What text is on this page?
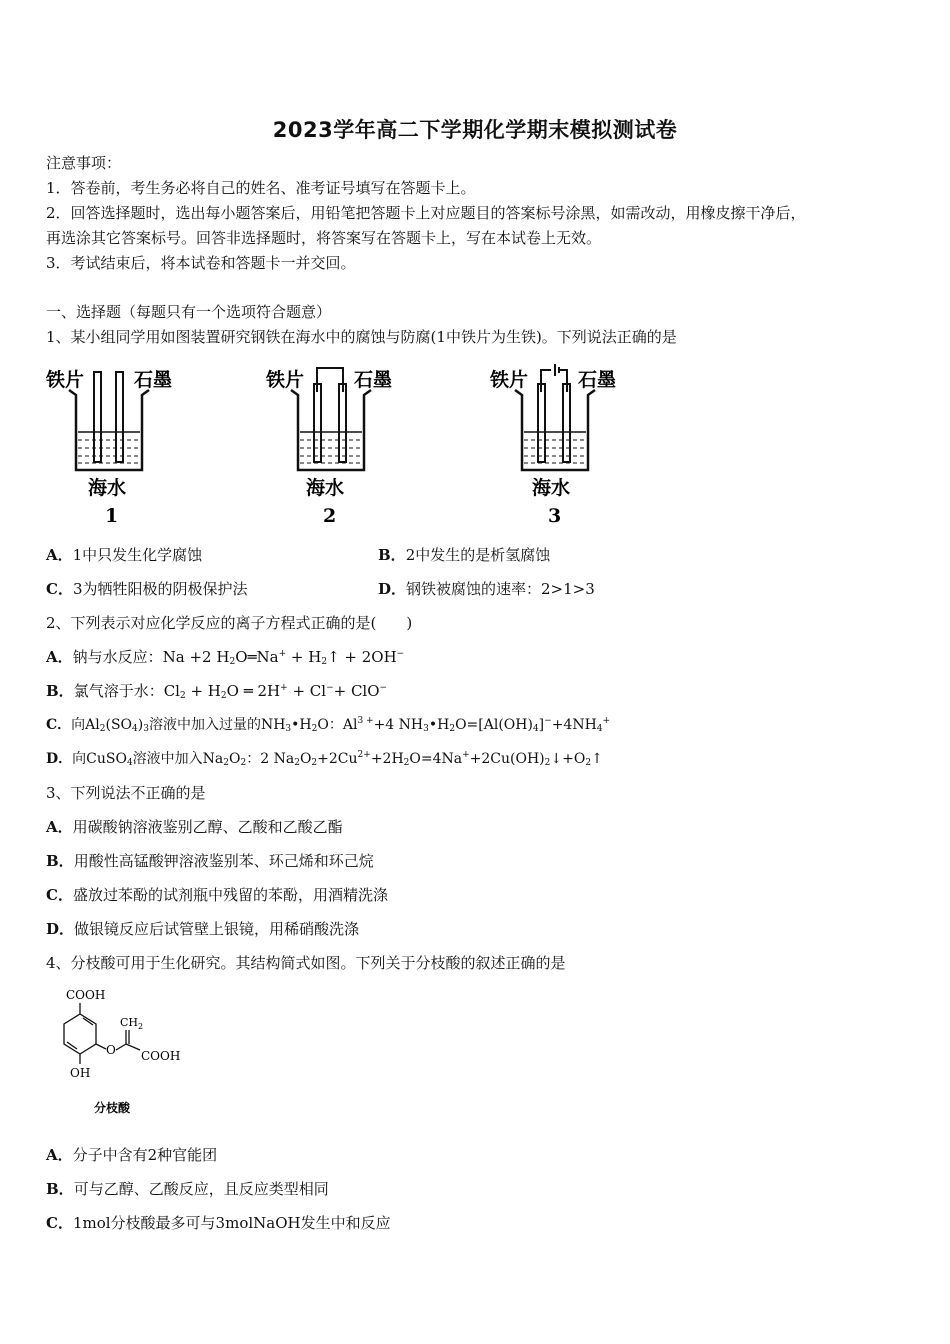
2023学年高二下学期化学期末模拟测试卷
注意事项：
1．答卷前，考生务必将自己的姓名、准考证号填写在答题卡上。
2．回答选择题时，选出每小题答案后，用铅笔把答题卡上对应题目的答案标号涂黑，如需改动，用橡皮擦干净后，
再选涂其它答案标号。回答非选择题时，将答案写在答题卡上，写在本试卷上无效。
3．考试结束后，将本试卷和答题卡一并交回。
一、选择题（每题只有一个选项符合题意）
1、某小组同学用如图装置研究钢铁在海水中的腐蚀与防腐(1中铁片为生铁)。下列说法正确的是
铁片	石墨
海水
1
铁片	石墨
海水
2
铁片	石墨
海水
3
A．1中只发生化学腐蚀	B．2中发生的是析氢腐蚀
C．3为牺牲阳极的阴极保护法	D．钢铁被腐蚀的速率：2>1>3
2、下列表示对应化学反应的离子方程式正确的是(　　)
A．钠与水反应：Na +2 $H_2O═Na^+$ + $H_2↑ + 2OH^-$
B．氯气溶于水：$Cl_2 + H_2O$ ═ 2H+ + Cl−+ ClO−
C．向$Al_2(SO_4)_3$溶液中加入过量的$NH_3•H_2O$：$Al^{3 +}+4$ $NH_3•H_2O=[Al(OH)_4]^-+4NH_4^+$
D．向CuSO$_4$溶液中加入$Na_2O_2$：2 $Na_2O_2+2Cu^{2+}+2H_2O=4Na^++2Cu(OH)_2↓+O_2↑$
3、下列说法不正确的是
A．用碳酸钠溶液鉴别乙醇、乙酸和乙酸乙酯
B．用酸性高锰酸钾溶液鉴别苯、环己烯和环己烷
C．盛放过苯酚的试剂瓶中残留的苯酚，用酒精洗涤
D．做银镜反应后试管壁上银镜，用稀硝酸洗涤
4、分枝酸可用于生化研究。其结构简式如图。下列关于分枝酸的叙述正确的是
COOH
O
$CH_2$
COOH
OH
分枝酸
A．分子中含有2种官能团
B．可与乙醇、乙酸反应，且反应类型相同
C．1mol分枝酸最多可与3molNaOH发生中和反应
